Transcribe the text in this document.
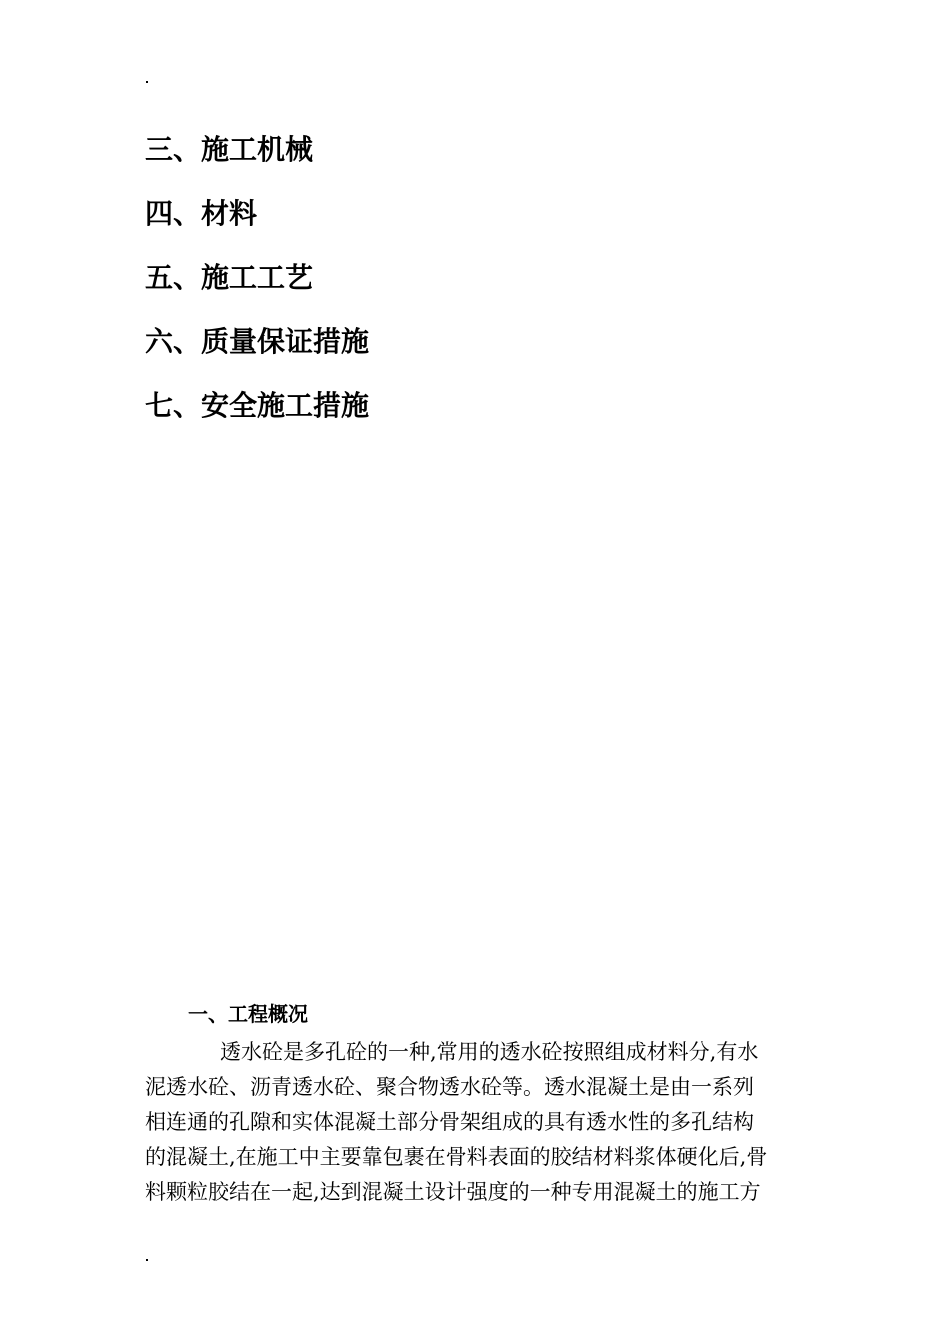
三、施工机械
四、材料
五、施工工艺
六、质量保证措施
七、安全施工措施
一、工程概况
透水砼是多孔砼的一种,常用的透水砼按照组成材料分,有水
泥透水砼、沥青透水砼、聚合物透水砼等。透水混凝土是由一系列
相连通的孔隙和实体混凝土部分骨架组成的具有透水性的多孔结构
的混凝土,在施工中主要靠包裹在骨料表面的胶结材料浆体硬化后,骨
料颗粒胶结在一起,达到混凝土设计强度的一种专用混凝土的施工方
